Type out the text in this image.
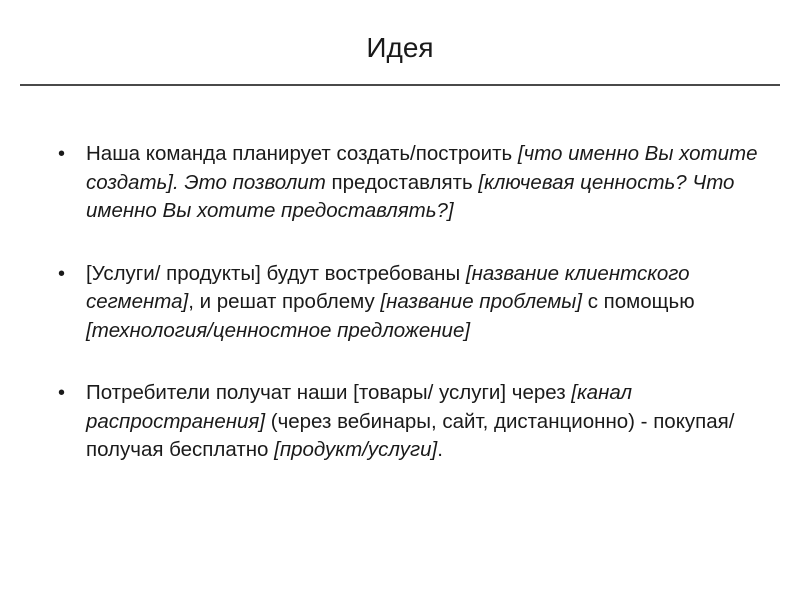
Идея
• Наша команда планирует создать/построить [что именно Вы хотите создать]. Это позволит предоставлять [ключевая ценность? Что именно Вы хотите предоставлять?]
• [Услуги/ продукты] будут востребованы [название клиентского сегмента], и решат проблему [название проблемы] с помощью [технология/ценностное предложение]
• Потребители получат наши [товары/ услуги] через [канал распространения] (через вебинары, сайт, дистанционно) - покупая/получая бесплатно [продукт/услуги].
